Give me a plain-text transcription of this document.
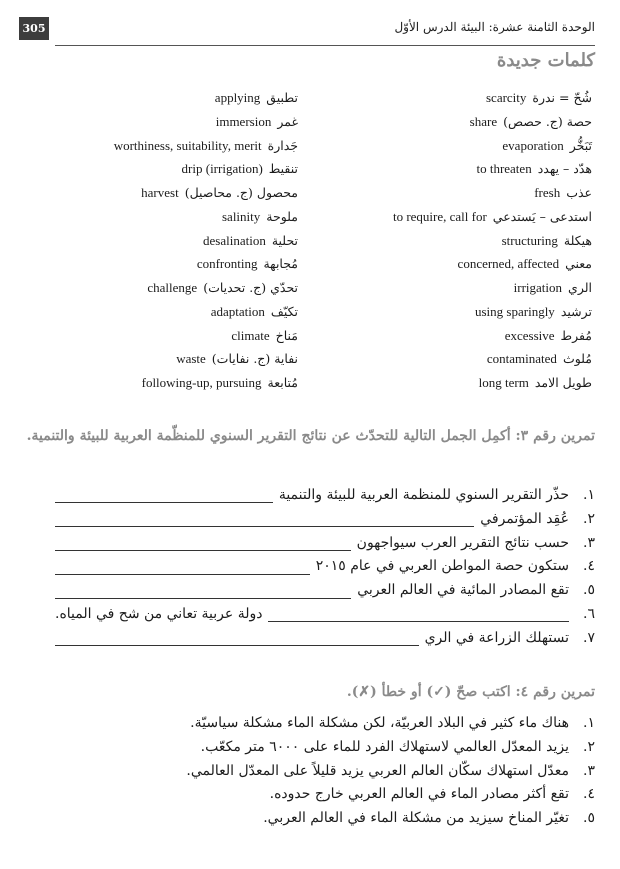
305	الوحدة الثامنة عشرة: البيئة الدرس الأوّل
كلمات جديدة
شُحّ = ندرة
scarcity
حصة (ج. حصص)
share
تَبَخُّر
evaporation
هدّد – يهدد
to threaten
عذب
fresh
استدعى – يَستدعي
to require, call for
هيكلة
structuring
معني
concerned, affected
الري
irrigation
ترشيد
using sparingly
مُفرط
excessive
مُلوث
contaminated
طويل الامد
long term
تطبيق
applying
غمر
immersion
جَدارة
worthiness, suitability, merit
تنقيط
drip (irrigation)
محصول (ج. محاصيل)
harvest
ملوحة
salinity
تحلية
desalination
مُجابهة
confronting
تحدّي (ج. تحديات)
challenge
تكيّف
adaptation
مَناخ
climate
نفاية (ج. نفايات)
waste
مُتابعة
following-up, pursuing
تمرين رقم ٣: أكمِل الجمل التالية للتحدّث عن نتائج التقرير السنوي للمنظّمة العربية للبيئة والتنمية.
١.
حذّر التقرير السنوي للمنظمة العربية للبيئة والتنمية
٢.
عُقِد المؤتمرفي
٣.
حسب نتائج التقرير العرب سيواجهون
٤.
ستكون حصة المواطن العربي في عام ٢٠١٥
٥.
تقع المصادر المائية في العالم العربي
٦.
دولة عربية تعاني من شح في المياه.
٧.
تستهلك الزراعة في الري
تمرين رقم ٤: اكتب صحّ (✓) أو خطأ (✗).
١.
هناك ماء كثير في البلاد العربيّة، لكن مشكلة الماء مشكلة سياسيّة.
٢.
يزيد المعدّل العالمي لاستهلاك الفرد للماء على ٦٠٠٠ متر مكعّب.
٣.
معدّل استهلاك سكّان العالم العربي يزيد قليلاً على المعدّل العالمي.
٤.
تقع أكثر مصادر الماء في العالم العربي خارج حدوده.
٥.
تغيّر المناخ سيزيد من مشكلة الماء في العالم العربي.
